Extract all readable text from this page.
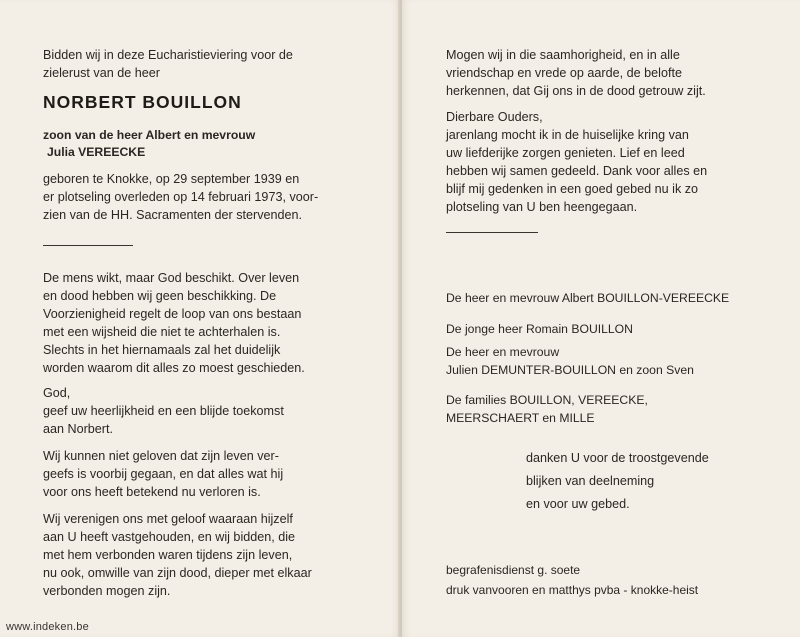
Bidden wij in deze Eucharistieviering voor de

zielerust van de heer

NORBERT BOUILLON

zoon van de heer Albert en mevrouw

Julia VEREECKE

geboren te Knokke, op 29 september 1939 en

er plotseling overleden op 14 februari 1973, voor-

zien van de HH. Sacramenten der stervenden.

De mens wikt, maar God beschikt. Over leven

en dood hebben wij geen beschikking. De

Voorzienigheid regelt de loop van ons bestaan

met een wijsheid die niet te achterhalen is.

Slechts in het hiernamaals zal het duidelijk

worden waarom dit alles zo moest geschieden.

God,

geef uw heerlijkheid en een blijde toekomst

aan Norbert.

Wij kunnen niet geloven dat zijn leven ver-

geefs is voorbij gegaan, en dat alles wat hij

voor ons heeft betekend nu verloren is.

Wij verenigen ons met geloof waaraan hijzelf

aan U heeft vastgehouden, en wij bidden, die

met hem verbonden waren tijdens zijn leven,

nu ook, omwille van zijn dood, dieper met elkaar

verbonden mogen zijn.

Mogen wij in die saamhorigheid, en in alle

vriendschap en vrede op aarde, de belofte

herkennen, dat Gij ons in de dood getrouw zijt.

Dierbare Ouders,

jarenlang mocht ik in de huiselijke kring van

uw liefderijke zorgen genieten. Lief en leed

hebben wij samen gedeeld. Dank voor alles en

blijf mij gedenken in een goed gebed nu ik zo

plotseling van U ben heengegaan.

De heer en mevrouw Albert BOUILLON-VEREECKE
De jonge heer Romain BOUILLON

De heer en mevrouw

Julien DEMUNTER-BOUILLON en zoon Sven

De families BOUILLON, VEREECKE,

MEERSCHAERT en MILLE

danken U voor de troostgevende

blijken van deelneming

en voor uw gebed.

begrafenisdienst g. soete

druk vanvooren en matthys pvba - knokke-heist

www.indeken.be
